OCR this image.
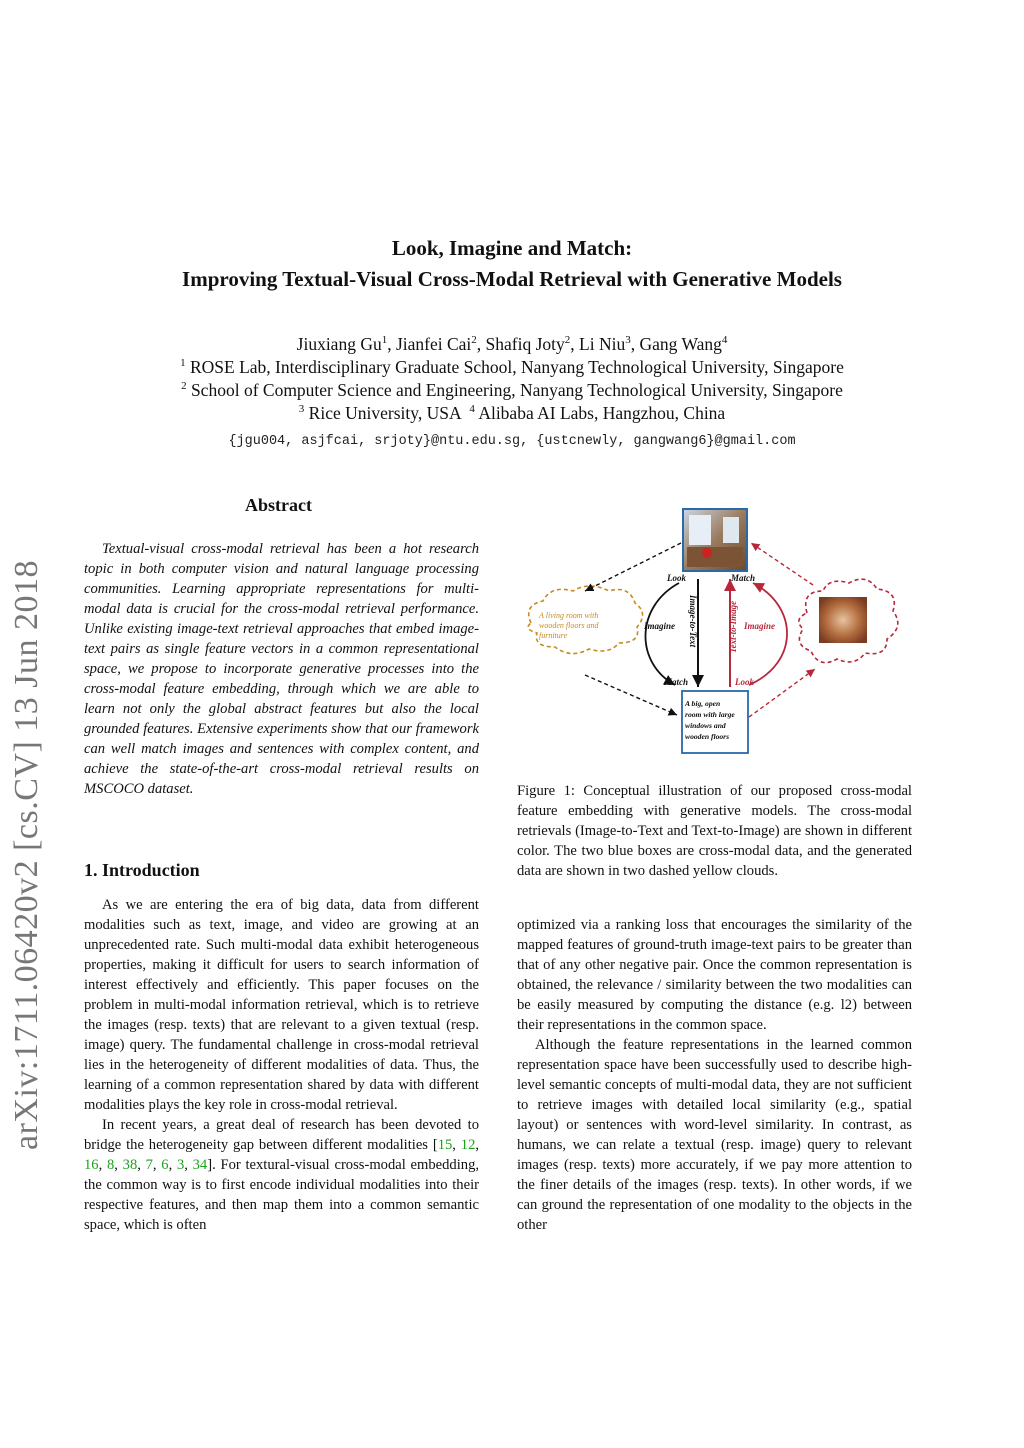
arXiv:1711.06420v2 [cs.CV] 13 Jun 2018
Look, Imagine and Match:
Improving Textual-Visual Cross-Modal Retrieval with Generative Models
Jiuxiang Gu$^1$, Jianfei Cai$^2$, Shafiq Joty$^2$, Li Niu$^3$, Gang Wang$^4$
$^1$ ROSE Lab, Interdisciplinary Graduate School, Nanyang Technological University, Singapore
$^2$ School of Computer Science and Engineering, Nanyang Technological University, Singapore
$^3$ Rice University, USA $^4$ Alibaba AI Labs, Hangzhou, China
{jgu004, asjfcai, srjoty}@ntu.edu.sg, {ustcnewly, gangwang6}@gmail.com
Abstract
Textual-visual cross-modal retrieval has been a hot research topic in both computer vision and natural language processing communities. Learning appropriate representations for multi-modal data is crucial for the cross-modal retrieval performance. Unlike existing image-text retrieval approaches that embed image-text pairs as single feature vectors in a common representational space, we propose to incorporate generative processes into the cross-modal feature embedding, through which we are able to learn not only the global abstract features but also the local grounded features. Extensive experiments show that our framework can well match images and sentences with complex content, and achieve the state-of-the-art cross-modal retrieval results on MSCOCO dataset.
1. Introduction

As we are entering the era of big data, data from different modalities such as text, image, and video are growing at an unprecedented rate. Such multi-modal data exhibit heterogeneous properties, making it difficult for users to search information of interest effectively and efficiently. This paper focuses on the problem in multi-modal information retrieval, which is to retrieve the images (resp. texts) that are relevant to a given textual (resp. image) query. The fundamental challenge in cross-modal retrieval lies in the heterogeneity of different modalities of data. Thus, the learning of a common representation shared by data with different modalities plays the key role in cross-modal retrieval.

In recent years, a great deal of research has been devoted to bridge the heterogeneity gap between different modalities [15, 12, 16, 8, 38, 7, 6, 3, 34]. For textural-visual cross-modal embedding, the common way is to first encode individual modalities into their respective features, and then map them into a common semantic space, which is often

A living room with
wooden floors and
furniture
A big, open
room with large
windows and
wooden floors
Look	Match
Imagine	Imagine
Match	Look
Image-to-Text	Text-to-Image
Figure 1: Conceptual illustration of our proposed cross-modal feature embedding with generative models. The cross-modal retrievals (Image-to-Text and Text-to-Image) are shown in different color. The two blue boxes are cross-modal data, and the generated data are shown in two dashed yellow clouds.

optimized via a ranking loss that encourages the similarity of the mapped features of ground-truth image-text pairs to be greater than that of any other negative pair. Once the common representation is obtained, the relevance / similarity between the two modalities can be easily measured by computing the distance (e.g. l2) between their representations in the common space.

Although the feature representations in the learned common representation space have been successfully used to describe high-level semantic concepts of multi-modal data, they are not sufficient to retrieve images with detailed local similarity (e.g., spatial layout) or sentences with word-level similarity. In contrast, as humans, we can relate a textual (resp. image) query to relevant images (resp. texts) more accurately, if we pay more attention to the finer details of the images (resp. texts). In other words, if we can ground the representation of one modality to the objects in the other
